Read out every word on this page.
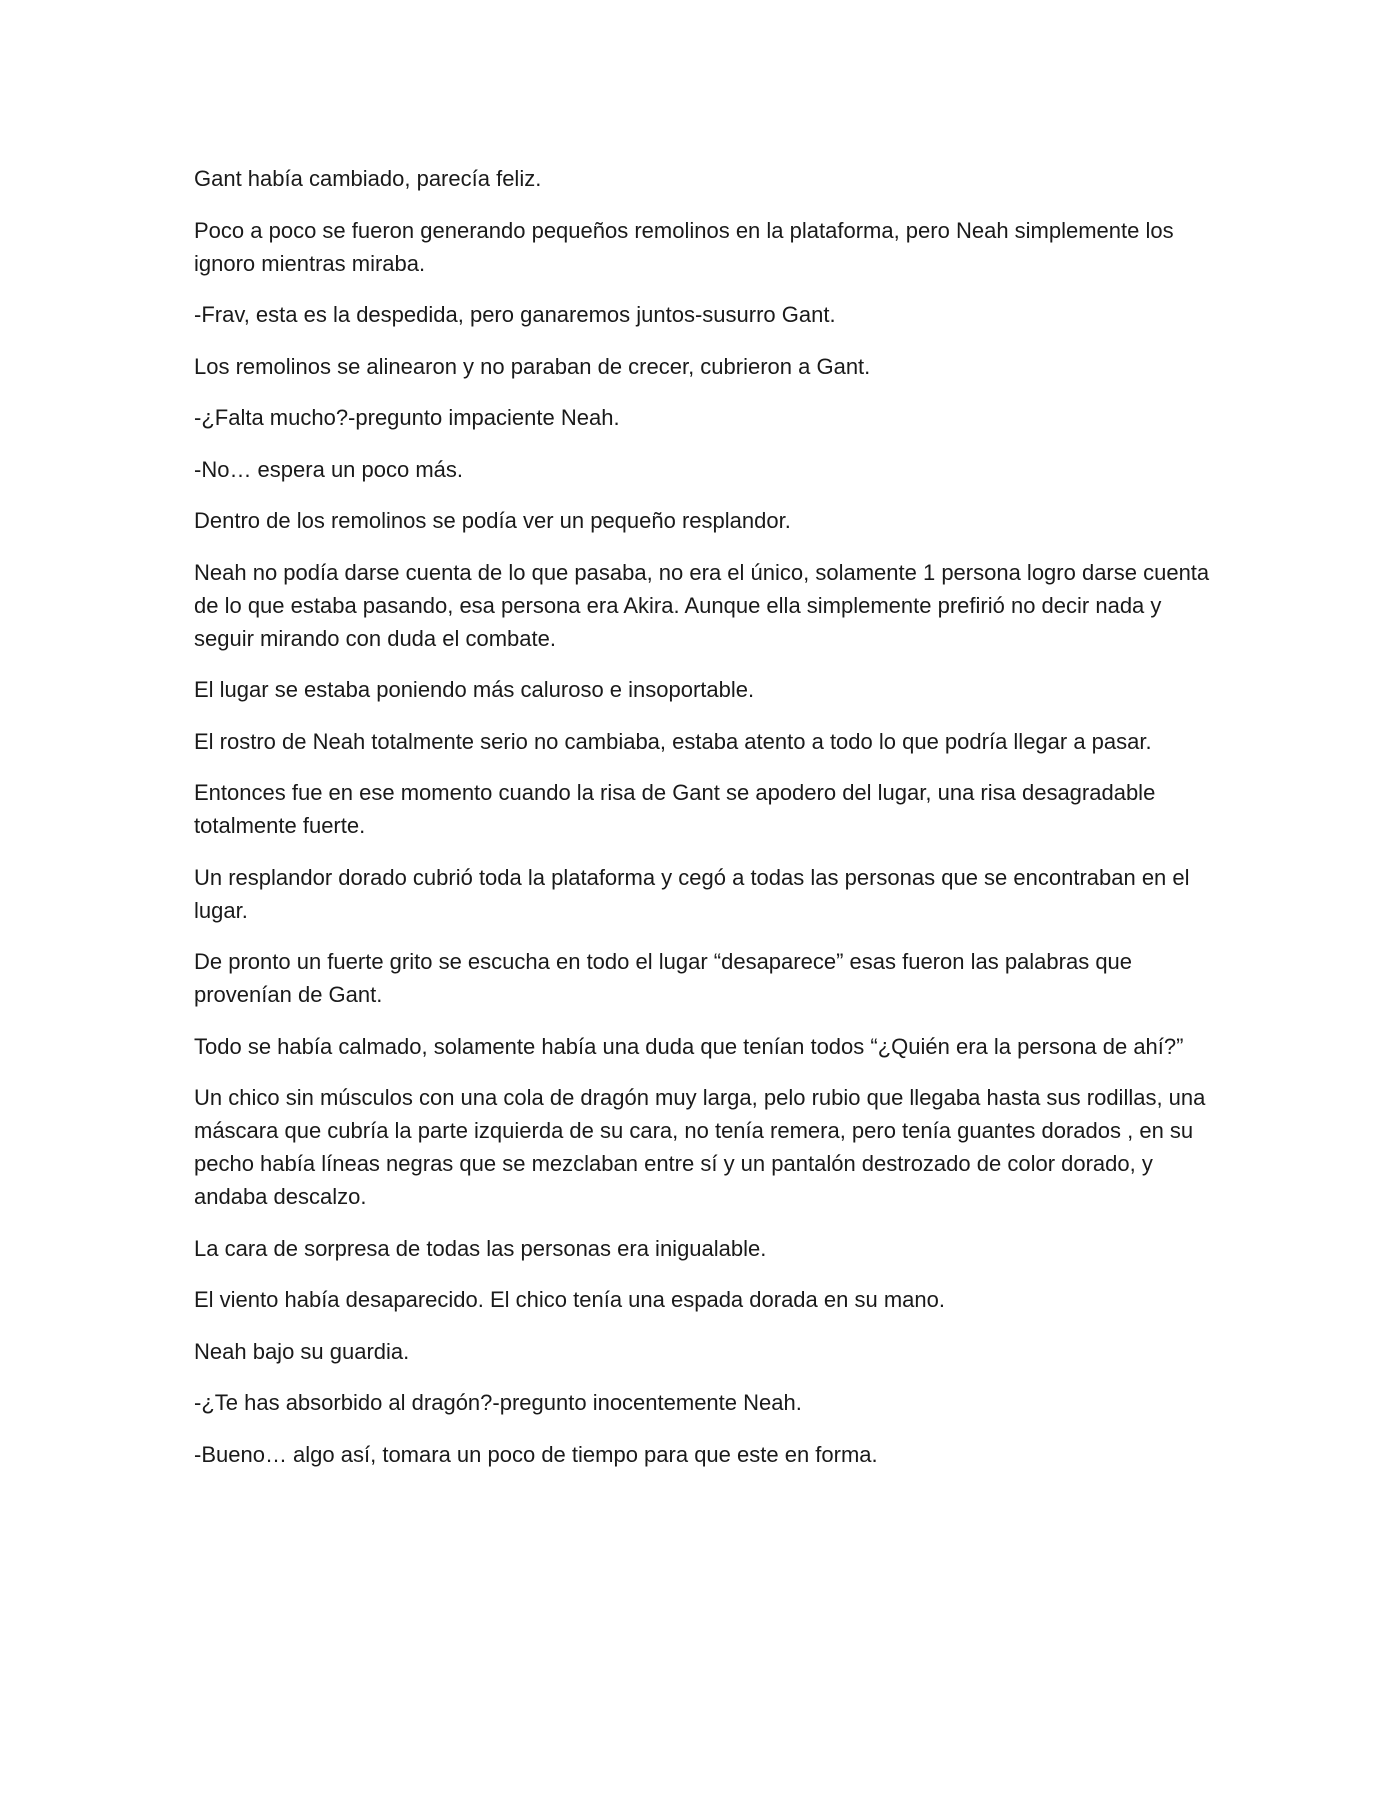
Gant había cambiado, parecía feliz.

Poco a poco se fueron generando pequeños remolinos en la plataforma, pero Neah simplemente los ignoro mientras miraba.

-Frav, esta es la despedida, pero ganaremos juntos-susurro Gant.

Los remolinos se alinearon y no paraban de crecer, cubrieron a Gant.

-¿Falta mucho?-pregunto impaciente Neah.

-No… espera un poco más.

Dentro de los remolinos se podía ver un pequeño resplandor.

Neah no podía darse cuenta de lo que pasaba, no era el único, solamente 1 persona logro darse cuenta de lo que estaba pasando, esa persona era Akira. Aunque ella simplemente prefirió no decir nada y seguir mirando con duda el combate.

El lugar se estaba poniendo más caluroso e insoportable.

El rostro de Neah totalmente serio no cambiaba, estaba atento a todo lo que podría llegar a pasar.

Entonces fue en ese momento cuando la risa de Gant se apodero del lugar, una risa desagradable totalmente fuerte.

Un resplandor dorado cubrió toda la plataforma y cegó a todas las personas que se encontraban en el lugar.

De pronto un fuerte grito se escucha en todo el lugar “desaparece” esas fueron las palabras que provenían de Gant.

Todo se había calmado, solamente había una duda que tenían todos “¿Quién era la persona de ahí?”

Un chico sin músculos con una cola de dragón muy larga, pelo rubio que llegaba hasta sus rodillas, una máscara que cubría la parte izquierda de su cara, no tenía remera, pero tenía guantes dorados , en su pecho había líneas negras que se mezclaban entre sí y un pantalón destrozado de color dorado, y andaba descalzo.

La cara de sorpresa de todas las personas era inigualable.

El viento había desaparecido. El chico tenía una espada dorada en su mano.

Neah bajo su guardia.

-¿Te has absorbido al dragón?-pregunto inocentemente Neah.

-Bueno… algo así, tomara un poco de tiempo para que este en forma.
